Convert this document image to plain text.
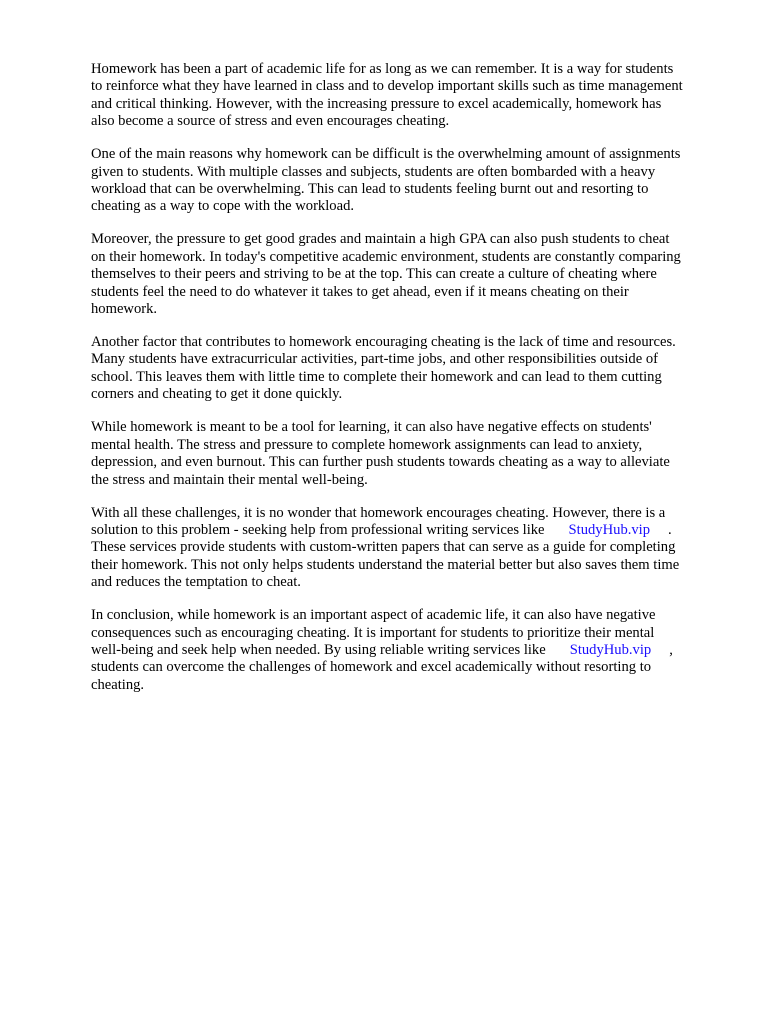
Homework has been a part of academic life for as long as we can remember. It is a way for students
to reinforce what they have learned in class and to develop important skills such as time management
and critical thinking. However, with the increasing pressure to excel academically, homework has
also become a source of stress and even encourages cheating.

One of the main reasons why homework can be difficult is the overwhelming amount of assignments
given to students. With multiple classes and subjects, students are often bombarded with a heavy
workload that can be overwhelming. This can lead to students feeling burnt out and resorting to
cheating as a way to cope with the workload.

Moreover, the pressure to get good grades and maintain a high GPA can also push students to cheat
on their homework. In today's competitive academic environment, students are constantly comparing
themselves to their peers and striving to be at the top. This can create a culture of cheating where
students feel the need to do whatever it takes to get ahead, even if it means cheating on their
homework.

Another factor that contributes to homework encouraging cheating is the lack of time and resources.
Many students have extracurricular activities, part-time jobs, and other responsibilities outside of
school. This leaves them with little time to complete their homework and can lead to them cutting
corners and cheating to get it done quickly.

While homework is meant to be a tool for learning, it can also have negative effects on students'
mental health. The stress and pressure to complete homework assignments can lead to anxiety,
depression, and even burnout. This can further push students towards cheating as a way to alleviate
the stress and maintain their mental well-being.

With all these challenges, it is no wonder that homework encourages cheating. However, there is a
solution to this problem - seeking help from professional writing services like StudyHub.vip .
These services provide students with custom-written papers that can serve as a guide for completing
their homework. This not only helps students understand the material better but also saves them time
and reduces the temptation to cheat.

In conclusion, while homework is an important aspect of academic life, it can also have negative
consequences such as encouraging cheating. It is important for students to prioritize their mental
well-being and seek help when needed. By using reliable writing services like StudyHub.vip ,
students can overcome the challenges of homework and excel academically without resorting to
cheating.
